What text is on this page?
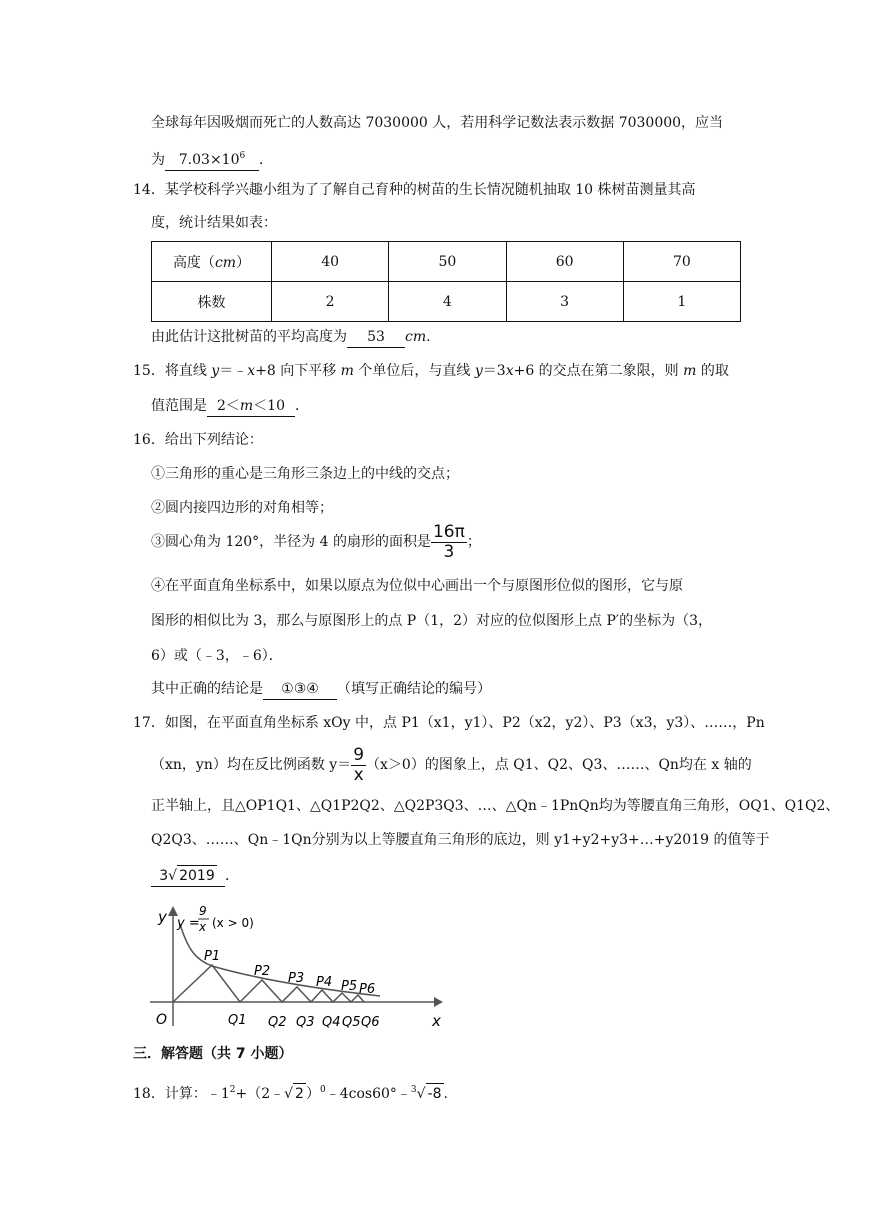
全球每年因吸烟而死亡的人数高达 7030000 人，若用科学记数法表示数据 7030000，应当
为 $7.03\times 10^6$ ．
14．某学校科学兴趣小组为了了解自己育种的树苗的生长情况随机抽取 10 株树苗测量其高
度，统计结果如表：
高度（cm）	40	50	60	70
株数	2	4	3	1
由此估计这批树苗的平均高度为 53 cm.
15．将直线 y＝﹣x+8 向下平移 m 个单位后，与直线 y＝3x+6 的交点在第二象限，则 m 的取
值范围是 2＜m＜10 ．
16．给出下列结论：
①三角形的重心是三角形三条边上的中线的交点；
②圆内接四边形的对角相等；
③圆心角为 120°，半径为 4 的扇形的面积是 $\frac{16\pi}{3}$ ；
④在平面直角坐标系中，如果以原点为位似中心画出一个与原图形位似的图形，它与原
图形的相似比为 3，那么与原图形上的点 P（1，2）对应的位似图形上点 P′的坐标为（3，
6）或（﹣3，﹣6）．
其中正确的结论是 ①③④ （填写正确结论的编号）
17．如图，在平面直角坐标系 xOy 中，点 P1（x1，y1）、P2（x2，y2）、P3（x3，y3）、……，Pn
（xn，yn）均在反比例函数 $y= \frac{9}{x} (x>0)$的图象上，点 Q1、Q2、Q3、……、Qn均在 x 轴的
正半轴上，且△OP1Q1、△Q1P2Q2、△Q2P3Q3、…、△Qn﹣1PnQn均为等腰直角三角形，OQ1、Q1Q2、
Q2Q3、……、Qn﹣1Qn分别为以上等腰直角三角形的底边，则 y1+y2+y3+…+y2019 的值等于
3√ 2019 ．
y
x
O
y =
9
x (x > 0)
P1
P2 P3 P4 P5 P6
Q1 Q2 Q3 Q4 Q5 Q6
三．解答题（共 7 小题）
18．计算：$﹣1^2+(2﹣√$ 2 ）$^0$﹣4cos60°﹣$^3$√ -8 .
